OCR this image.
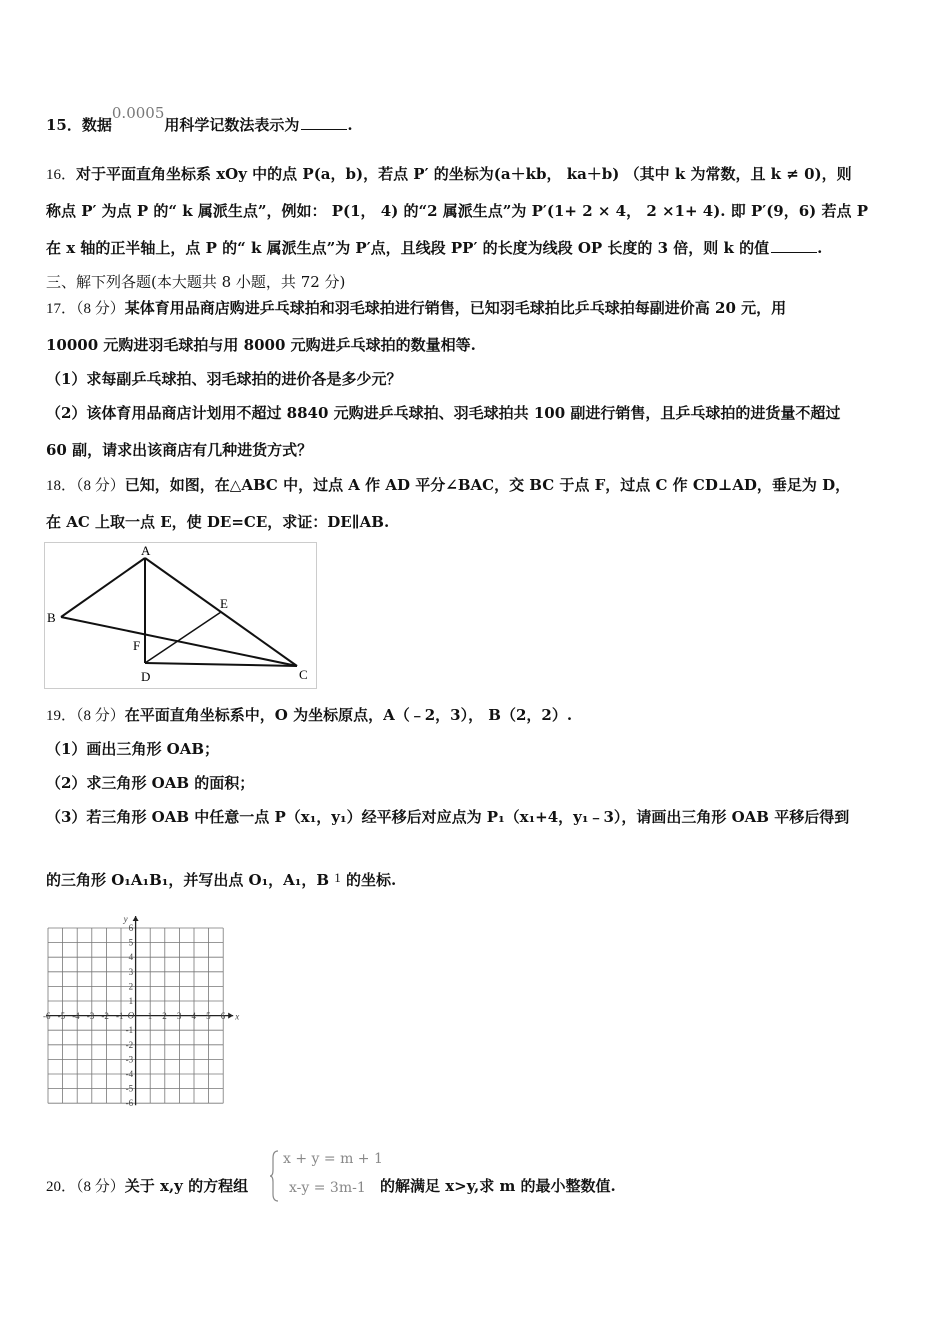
15．数据0.0005用科学记数法表示为	.
16．对于平面直角坐标系 xOy 中的点 P(a，b)，若点 P′ 的坐标为(a＋kb， ka＋b) （其中 k 为常数，且 k ≠ 0)，则
称点 P′ 为点 P 的“ k 属派生点”，例如： P(1， 4) 的“2 属派生点”为 P′(1+ 2 × 4， 2 ×1+ 4). 即 P′(9，6) 若点 P
在 x 轴的正半轴上，点 P 的“ k 属派生点”为 P′点，且线段 PP′ 的长度为线段 OP 长度的 3 倍，则 k 的值	.
三、解下列各题(本大题共 8 小题，共 72 分)
17．（8 分）某体育用品商店购进乒乓球拍和羽毛球拍进行销售，已知羽毛球拍比乒乓球拍每副进价高 20 元，用
10000 元购进羽毛球拍与用 8000 元购进乒乓球拍的数量相等.
（1）求每副乒乓球拍、羽毛球拍的进价各是多少元？
（2）该体育用品商店计划用不超过 8840 元购进乒乓球拍、羽毛球拍共 100 副进行销售，且乒乓球拍的进货量不超过
60 副，请求出该商店有几种进货方式？
18．（8 分）已知，如图，在△ABC 中，过点 A 作 AD 平分∠BAC，交 BC 于点 F，过点 C 作 CD⊥AD，垂足为 D，
在 AC 上取一点 E，使 DE=CE，求证：DE∥AB.
A
B
E
F
D	C
19．（8 分）在平面直角坐标系中，O 为坐标原点，A（﹣2，3）， B（2，2）.
（1）画出三角形 OAB；
（2）求三角形 OAB 的面积；
（3）若三角形 OAB 中任意一点 P（x₁，y₁）经平移后对应点为 P₁（x₁+4，y₁﹣3），请画出三角形 OAB 平移后得到
的三角形 O₁A₁B₁，并写出点 O₁，A₁，B 1 的坐标.
-6 -5 -4 -3 -2 -1	1 2 3 4 5 6
6
5
4
3
2
1
-1
-2
-3
-4
-5
-6
O	x
y
20．（8 分）关于 x,y 的方程组
x + y = m + 1
x-y = 3m-1 的解满足 x>y,求 m 的最小整数值.
